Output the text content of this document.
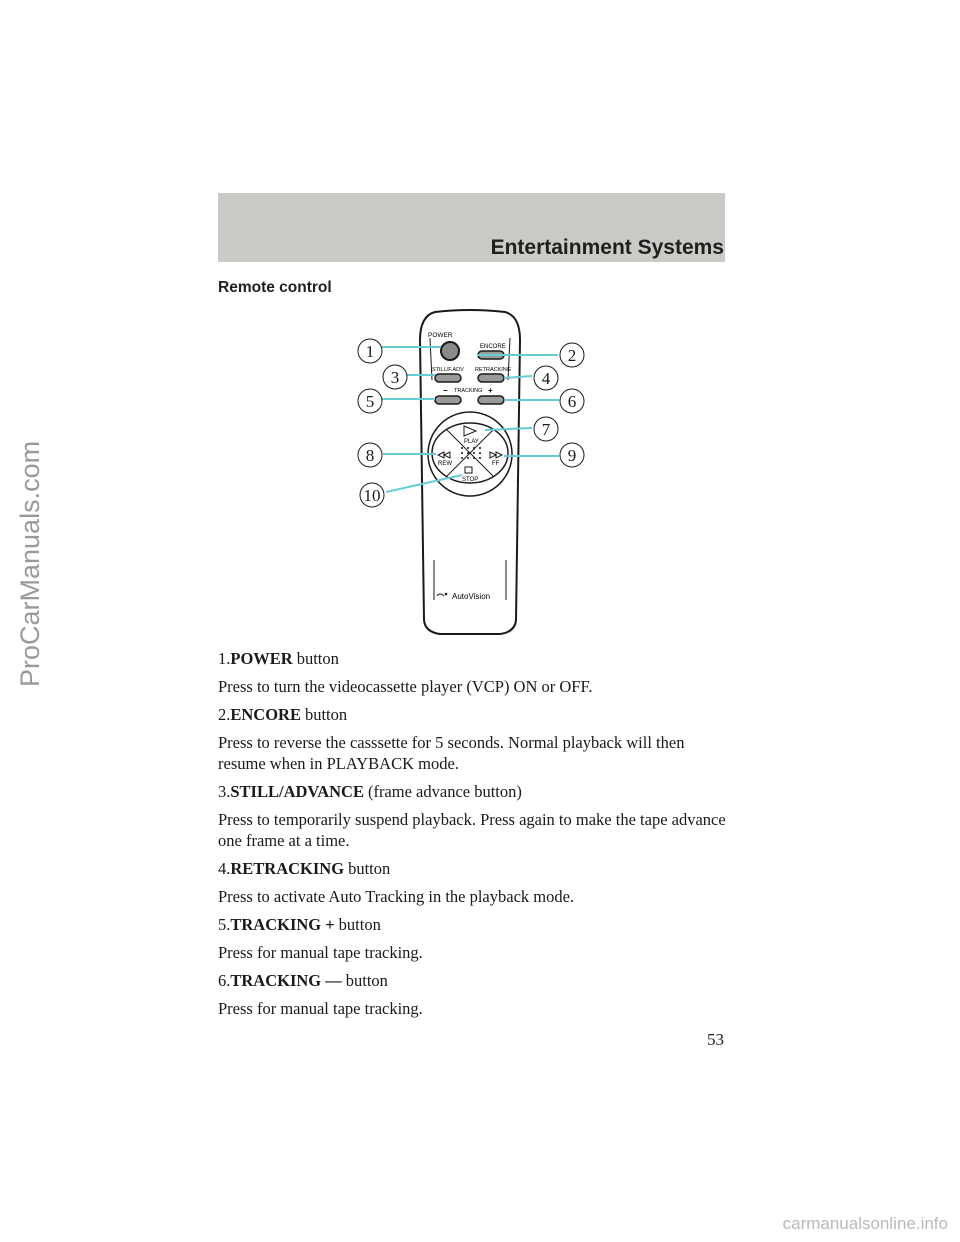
Entertainment Systems
Remote control
POWER
ENCORE
STILL/F.ADV RETRACKING
− TRACKING +
PLAY
REW	FF
STOP
AutoVision
1	2
3	4
5	6
7
8	9
10

1.POWER button

Press to turn the videocassette player (VCP) ON or OFF.

2.ENCORE button

Press to reverse the casssette for 5 seconds. Normal playback will then resume when in PLAYBACK mode.

3.STILL/ADVANCE (frame advance button)

Press to temporarily suspend playback. Press again to make the tape advance one frame at a time.

4.RETRACKING button

Press to activate Auto Tracking in the playback mode.

5.TRACKING + button

Press for manual tape tracking.

6.TRACKING — button

Press for manual tape tracking.

53
ProCarManuals.com
carmanualsonline.info
